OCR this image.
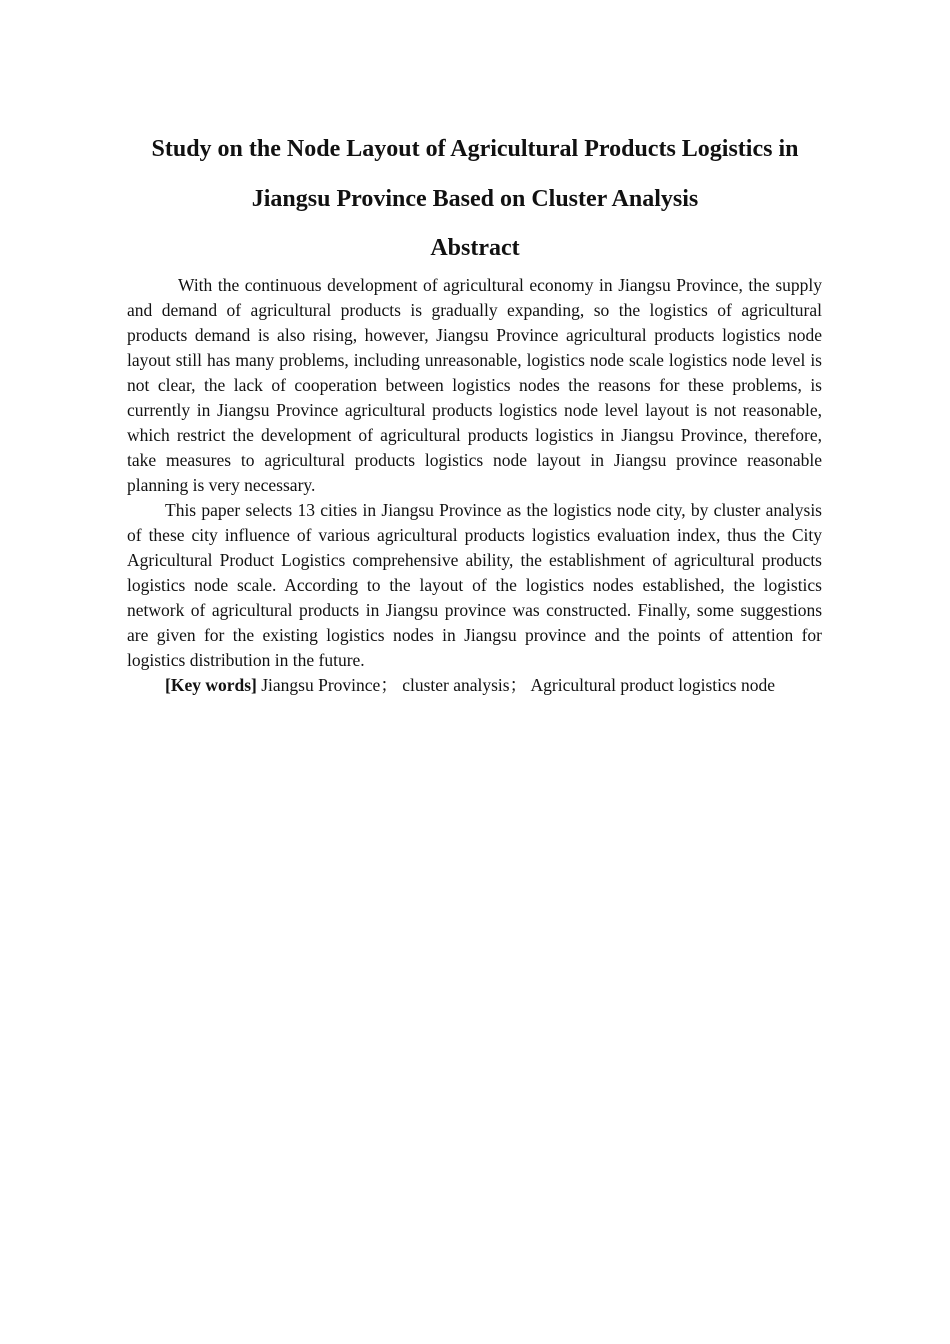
Study on the Node Layout of Agricultural Products Logistics in
Jiangsu Province Based on Cluster Analysis
Abstract

With the continuous development of agricultural economy in Jiangsu Province, the supply and demand of agricultural products is gradually expanding, so the logistics of agricultural products demand is also rising, however, Jiangsu Province agricultural products logistics node layout still has many problems, including unreasonable, logistics node scale logistics node level is not clear, the lack of cooperation between logistics nodes the reasons for these problems, is currently in Jiangsu Province agricultural products logistics node level layout is not reasonable, which restrict the development of agricultural products logistics in Jiangsu Province, therefore, take measures to agricultural products logistics node layout in Jiangsu province reasonable planning is very necessary.

This paper selects 13 cities in Jiangsu Province as the logistics node city, by cluster analysis of these city influence of various agricultural products logistics evaluation index, thus the City Agricultural Product Logistics comprehensive ability, the establishment of agricultural products logistics node scale. According to the layout of the logistics nodes established, the logistics network of agricultural products in Jiangsu province was constructed. Finally, some suggestions are given for the existing logistics nodes in Jiangsu province and the points of attention for logistics distribution in the future.

[Key words] Jiangsu Province； cluster analysis； Agricultural product logistics node
